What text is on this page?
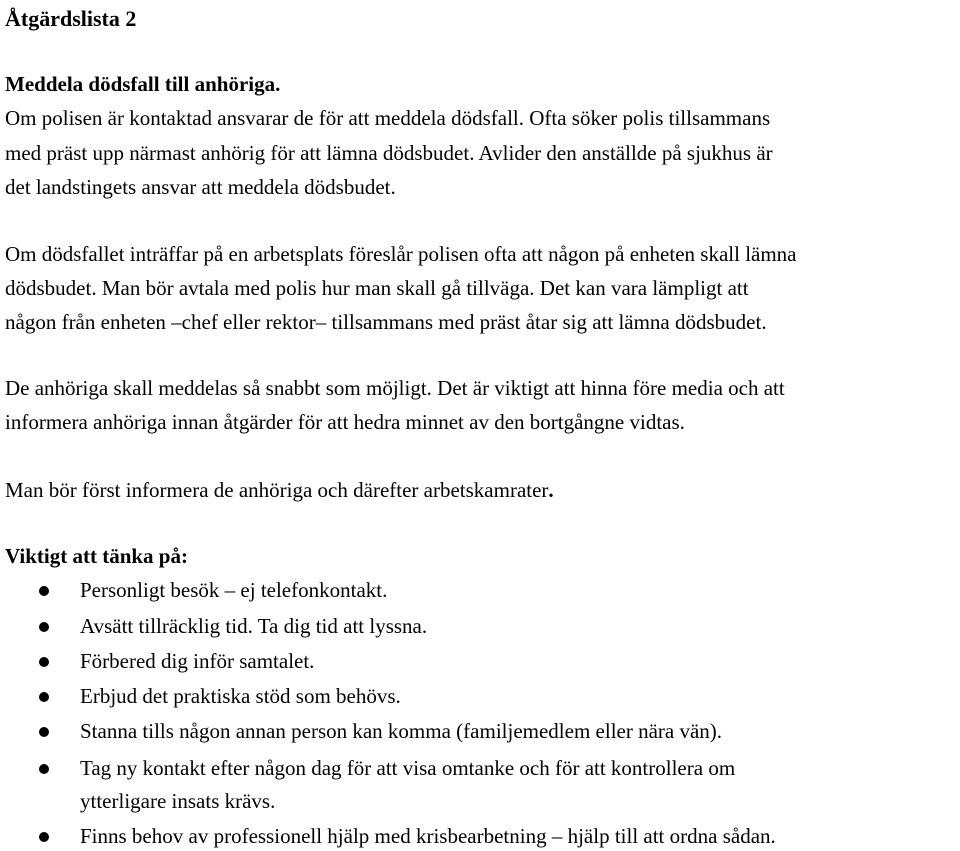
Åtgärdslista 2
Meddela dödsfall till anhöriga.
Om polisen är kontaktad ansvarar de för att meddela dödsfall. Ofta söker polis tillsammans
med präst upp närmast anhörig för att lämna dödsbudet. Avlider den anställde på sjukhus är
det landstingets ansvar att meddela dödsbudet.
Om dödsfallet inträffar på en arbetsplats föreslår polisen ofta att någon på enheten skall lämna
dödsbudet. Man bör avtala med polis hur man skall gå tillväga. Det kan vara lämpligt att
någon från enheten –chef eller rektor– tillsammans med präst åtar sig att lämna dödsbudet.
De anhöriga skall meddelas så snabbt som möjligt. Det är viktigt att hinna före media och att
informera anhöriga innan åtgärder för att hedra minnet av den bortgångne vidtas.
Man bör först informera de anhöriga och därefter arbetskamrater.
Viktigt att tänka på:
Personligt besök – ej telefonkontakt.
Avsätt tillräcklig tid. Ta dig tid att lyssna.
Förbered dig inför samtalet.
Erbjud det praktiska stöd som behövs.
Stanna tills någon annan person kan komma (familjemedlem eller nära vän).
Tag ny kontakt efter någon dag för att visa omtanke och för att kontrollera om
ytterligare insats krävs.
Finns behov av professionell hjälp med krisbearbetning – hjälp till att ordna sådan.
